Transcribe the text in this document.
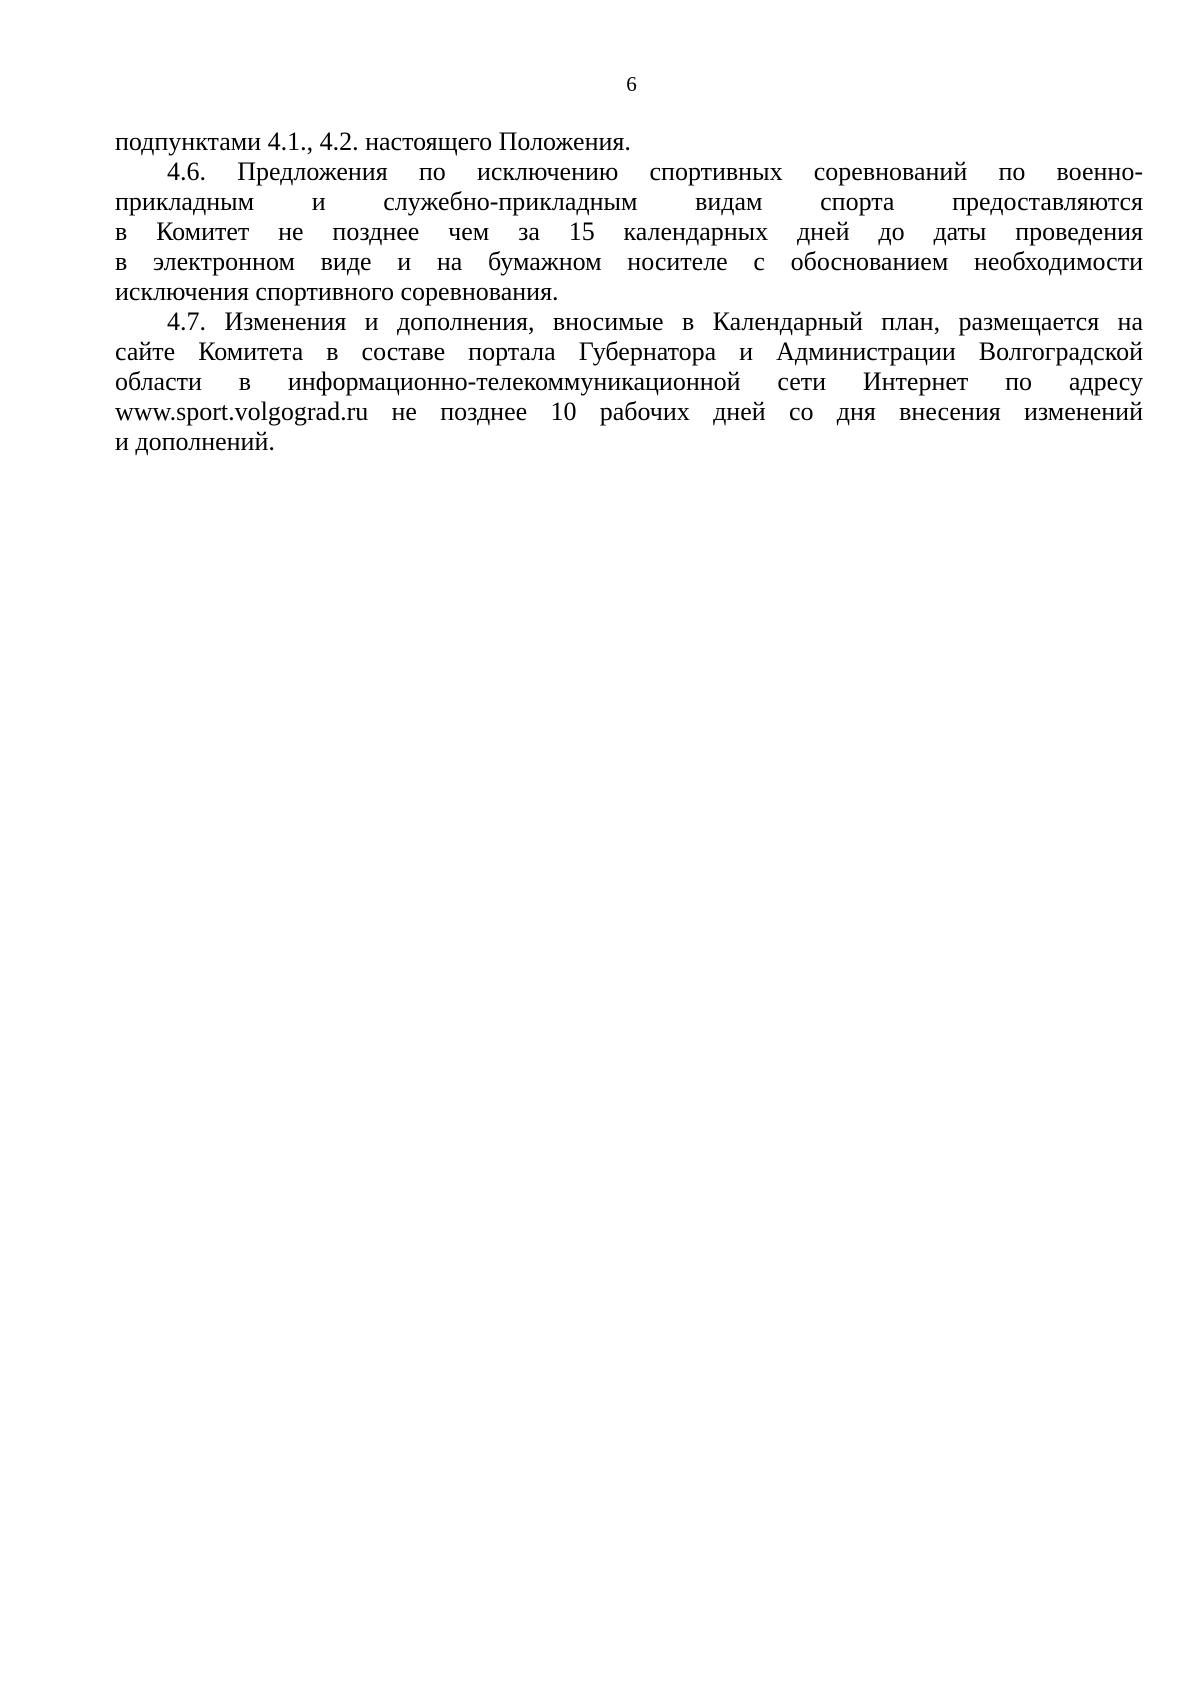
6
подпунктами 4.1., 4.2. настоящего Положения.
4.6. Предложения по исключению спортивных соревнований по военно-
прикладным и служебно-прикладным видам спорта предоставляются
в Комитет не позднее чем за 15 календарных дней до даты проведения
в электронном виде и на бумажном носителе с обоснованием необходимости
исключения спортивного соревнования.
4.7. Изменения и дополнения, вносимые в Календарный план, размещается на
сайте Комитета в составе портала Губернатора и Администрации Волгоградской
области в информационно-телекоммуникационной сети Интернет по адресу
www.sport.volgograd.ru не позднее 10 рабочих дней со дня внесения изменений
и дополнений.
